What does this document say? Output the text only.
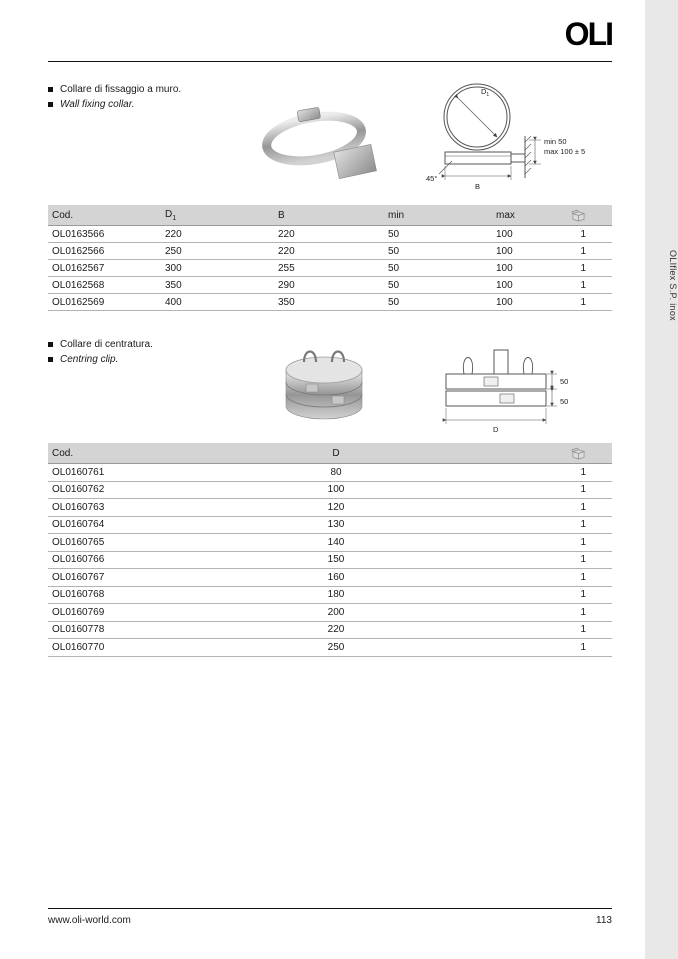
OLIflex S.P. inox
OLI
Collare di fissaggio a muro.
Wall fixing collar.
$D_1$
45°
min 50
max 100 ± 5
B
Cod.	$D_1$	B	min	max
OL0163566	220	220	50	100	1
OL0162566	250	220	50	100	1
OL0162567	300	255	50	100	1
OL0162568	350	290	50	100	1
OL0162569	400	350	50	100	1
Collare di centratura.
Centring clip.
50
50
D
Cod.	D
OL0160761	80	1
OL0160762	100	1
OL0160763	120	1
OL0160764	130	1
OL0160765	140	1
OL0160766	150	1
OL0160767	160	1
OL0160768	180	1
OL0160769	200	1
OL0160778	220	1
OL0160770	250	1
www.oli-world.com	113
